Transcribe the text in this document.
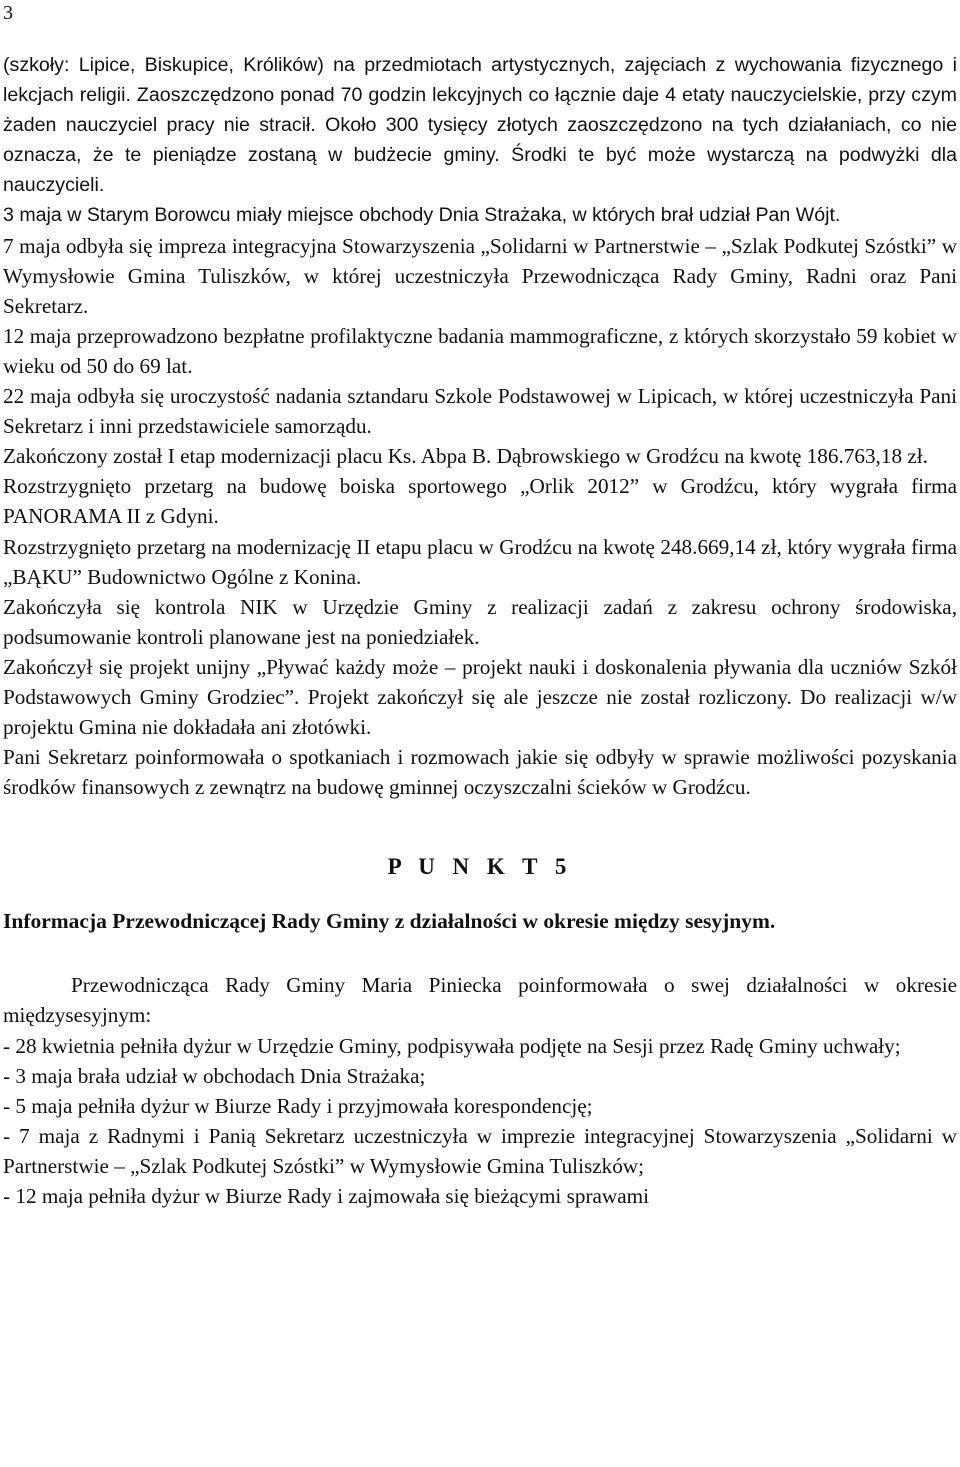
3

(szkoły: Lipice, Biskupice, Królików) na przedmiotach artystycznych, zajęciach z wychowania fizycznego i lekcjach religii. Zaoszczędzono ponad 70 godzin lekcyjnych co łącznie daje 4 etaty nauczycielskie, przy czym żaden nauczyciel pracy nie stracił. Około 300 tysięcy złotych zaoszczędzono na tych działaniach, co nie oznacza, że te pieniądze zostaną w budżecie gminy. Środki te być może wystarczą na podwyżki dla nauczycieli.

3 maja w Starym Borowcu miały miejsce obchody Dnia Strażaka, w których brał udział Pan Wójt.

7 maja odbyła się impreza integracyjna Stowarzyszenia „Solidarni w Partnerstwie – „Szlak Podkutej Szóstki” w Wymysłowie Gmina Tuliszków, w której uczestniczyła Przewodnicząca Rady Gminy, Radni oraz Pani Sekretarz.

12 maja przeprowadzono bezpłatne profilaktyczne badania mammograficzne, z których skorzystało 59 kobiet w wieku od 50 do 69 lat.

22 maja odbyła się uroczystość nadania sztandaru Szkole Podstawowej w Lipicach, w której uczestniczyła Pani Sekretarz i inni przedstawiciele samorządu.

Zakończony został I etap modernizacji placu Ks. Abpa B. Dąbrowskiego w Grodźcu na kwotę 186.763,18 zł.

Rozstrzygnięto przetarg na budowę boiska sportowego „Orlik 2012” w Grodźcu, który wygrała firma PANORAMA II z Gdyni.

Rozstrzygnięto przetarg na modernizację II etapu placu w Grodźcu na kwotę 248.669,14 zł, który wygrała firma „BĄKU” Budownictwo Ogólne z Konina.

Zakończyła się kontrola NIK w Urzędzie Gminy z realizacji zadań z zakresu ochrony środowiska, podsumowanie kontroli planowane jest na poniedziałek.

Zakończył się projekt unijny „Pływać każdy może – projekt nauki i doskonalenia pływania dla uczniów Szkół Podstawowych Gminy Grodziec”. Projekt zakończył się ale jeszcze nie został rozliczony. Do realizacji w/w projektu Gmina nie dokładała ani złotówki.

Pani Sekretarz poinformowała o spotkaniach i rozmowach jakie się odbyły w sprawie możliwości pozyskania środków finansowych z zewnątrz na budowę gminnej oczyszczalni ścieków w Grodźcu.

P U N K T 5
Informacja Przewodniczącej Rady Gminy z działalności w okresie między sesyjnym.

Przewodnicząca Rady Gminy Maria Piniecka poinformowała o swej działalności w okresie międzysesyjnym:

- 28 kwietnia pełniła dyżur w Urzędzie Gminy, podpisywała podjęte na Sesji przez Radę Gminy uchwały;

- 3 maja brała udział w obchodach Dnia Strażaka;

- 5 maja pełniła dyżur w Biurze Rady i przyjmowała korespondencję;

- 7 maja z Radnymi i Panią Sekretarz uczestniczyła w imprezie integracyjnej Stowarzyszenia „Solidarni w Partnerstwie – „Szlak Podkutej Szóstki” w Wymysłowie Gmina Tuliszków;

- 12 maja pełniła dyżur w Biurze Rady i zajmowała się bieżącymi sprawami
